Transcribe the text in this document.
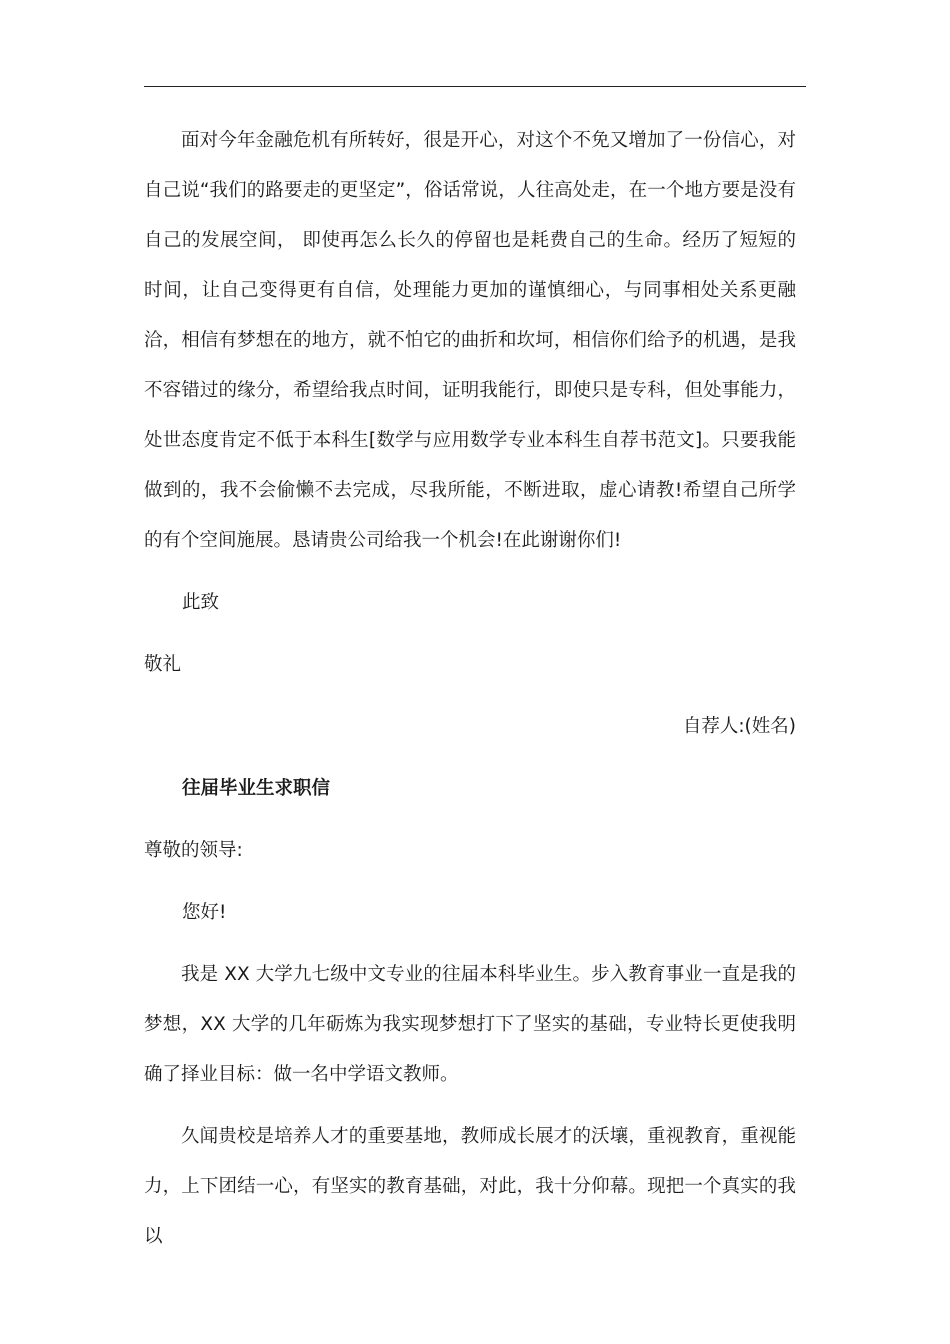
面对今年金融危机有所转好，很是开心，对这个不免又增加了一份信心，对自己说“我们的路要走的更坚定”，俗话常说，人往高处走，在一个地方要是没有自己的发展空间， 即使再怎么长久的停留也是耗费自己的生命。经历了短短的时间，让自己变得更有自信，处理能力更加的谨慎细心，与同事相处关系更融洽，相信有梦想在的地方，就不怕它的曲折和坎坷，相信你们给予的机遇，是我不容错过的缘分，希望给我点时间，证明我能行，即使只是专科，但处事能力，处世态度肯定不低于本科生[数学与应用数学专业本科生自荐书范文]。只要我能做到的，我不会偷懒不去完成，尽我所能，不断进取，虚心请教!希望自己所学的有个空间施展。恳请贵公司给我一个机会!在此谢谢你们!

此致

敬礼

自荐人:(姓名)

往届毕业生求职信

尊敬的领导:

您好!

我是 XX 大学九七级中文专业的往届本科毕业生。步入教育事业一直是我的梦想，XX 大学的几年砺炼为我实现梦想打下了坚实的基础，专业特长更使我明确了择业目标：做一名中学语文教师。

久闻贵校是培养人才的重要基地，教师成长展才的沃壤，重视教育，重视能力，上下团结一心，有坚实的教育基础，对此，我十分仰幕。现把一个真实的我以
